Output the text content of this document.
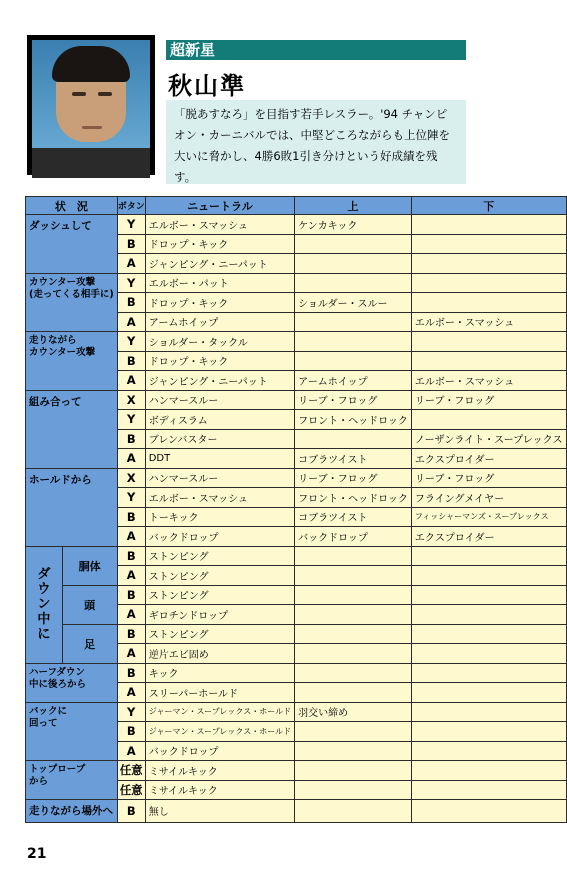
超新星
秋山準
「脱あすなろ」を目指す若手レスラー。'94 チャンピオン・カーニバルでは、中堅どころながらも上位陣を大いに脅かし、4勝6敗1引き分けという好成績を残す。
状　況		ボタン	ニュートラル	上	下

ダッシュして		Y	エルボー・スマッシュ	ケンカキック	
		B	ドロップ・キック		
		A	ジャンピング・ニーパット		

カウンター攻撃
(走ってくる相手に)		Y	エルボー・パット		
		B	ドロップ・キック	ショルダー・スルー	
		A	アームホイップ		エルボー・スマッシュ

走りながら
カウンター攻撃		Y	ショルダー・タックル		
		B	ドロップ・キック		
		A	ジャンピング・ニーパット	アームホイップ	エルボー・スマッシュ

組み合って		X	ハンマースルー	リーブ・フロッグ	リーブ・フロッグ
		Y	ボディスラム	フロント・ヘッドロック	
		B	ブレンバスター		ノーザンライト・スープレックス
		A	DDT	コブラツイスト	エクスプロイダー

ホールドから		X	ハンマースルー	リーブ・フロッグ	リーブ・フロッグ
		Y	エルボー・スマッシュ	フロント・ヘッドロック	フライングメイヤー
		B	トーキック	コブラツイスト	フィッシャーマンズ・スープレックス
		A	バックドロップ	バックドロップ	エクスプロイダー

ダ
ウ
ン
中
に	胴体	B	ストンピング		
		A	ストンピング		
	頭	B	ストンピング		
		A	ギロチンドロップ		
	足	B	ストンピング		
		A	逆片エビ固め		

ハーフダウン
中に後ろから		B	キック		
		A	スリーパーホールド		

バックに
回って		Y	ジャーマン・スープレックス・ホールド	羽交い締め	
		B	ジャーマン・スープレックス・ホールド		
		A	バックドロップ		

トップロープ
から		任意	ミサイルキック		
		任意	ミサイルキック		

走りながら場外へ		B	無し		
21
